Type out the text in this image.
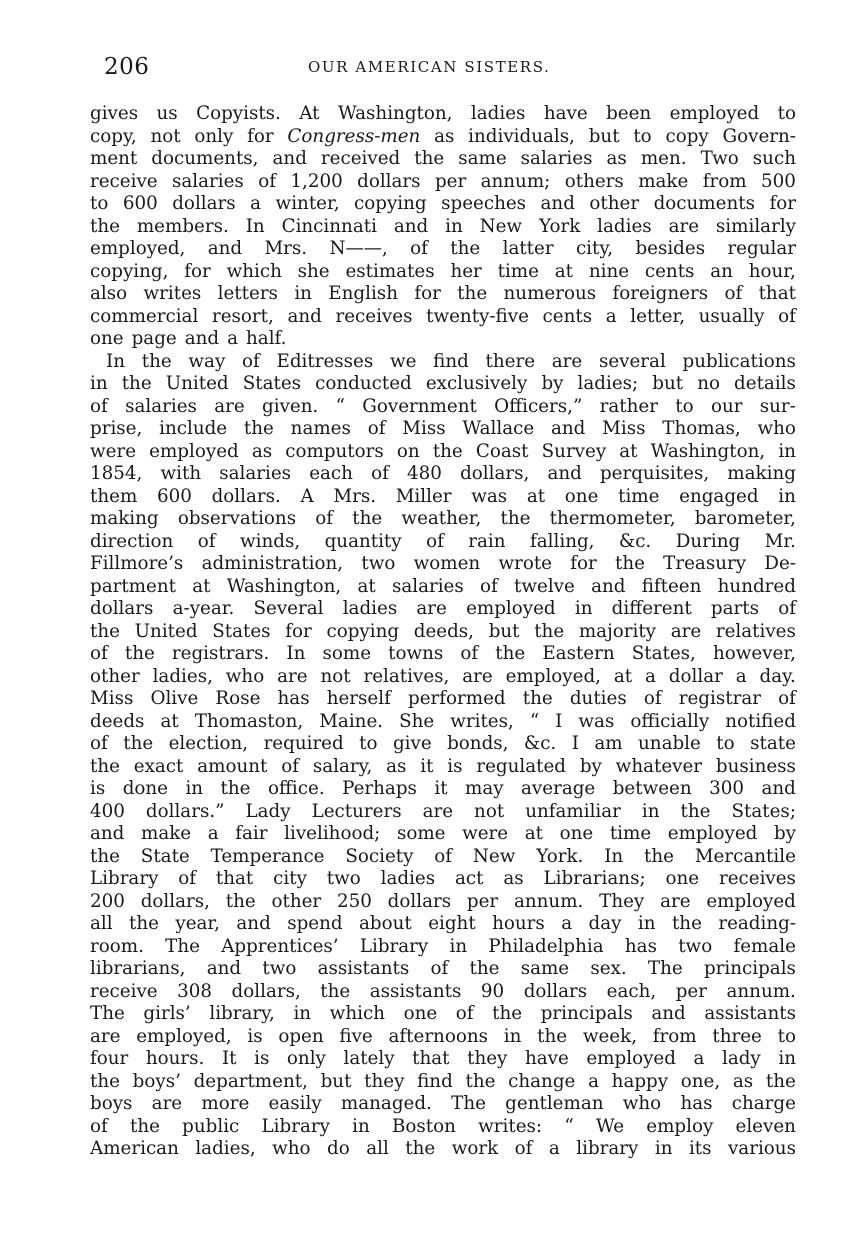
206	OUR AMERICAN SISTERS.
gives us Copyists. At Washington, ladies have been employed to
copy, not only for Congress-men as individuals, but to copy Govern-
ment documents, and received the same salaries as men. Two such
receive salaries of 1,200 dollars per annum; others make from 500
to 600 dollars a winter, copying speeches and other documents for
the members. In Cincinnati and in New York ladies are similarly
employed, and Mrs. N——, of the latter city, besides regular
copying, for which she estimates her time at nine cents an hour,
also writes letters in English for the numerous foreigners of that
commercial resort, and receives twenty-five cents a letter, usually of
one page and a half.
In the way of Editresses we find there are several publications
in the United States conducted exclusively by ladies; but no details
of salaries are given. “ Government Officers,” rather to our sur-
prise, include the names of Miss Wallace and Miss Thomas, who
were employed as computors on the Coast Survey at Washington, in
1854, with salaries each of 480 dollars, and perquisites, making
them 600 dollars. A Mrs. Miller was at one time engaged in
making observations of the weather, the thermometer, barometer,
direction of winds, quantity of rain falling, &c. During Mr.
Fillmore’s administration, two women wrote for the Treasury De-
partment at Washington, at salaries of twelve and fifteen hundred
dollars a-year. Several ladies are employed in different parts of
the United States for copying deeds, but the majority are relatives
of the registrars. In some towns of the Eastern States, however,
other ladies, who are not relatives, are employed, at a dollar a day.
Miss Olive Rose has herself performed the duties of registrar of
deeds at Thomaston, Maine. She writes, “ I was officially notified
of the election, required to give bonds, &c. I am unable to state
the exact amount of salary, as it is regulated by whatever business
is done in the office. Perhaps it may average between 300 and
400 dollars.” Lady Lecturers are not unfamiliar in the States;
and make a fair livelihood; some were at one time employed by
the State Temperance Society of New York. In the Mercantile
Library of that city two ladies act as Librarians; one receives
200 dollars, the other 250 dollars per annum. They are employed
all the year, and spend about eight hours a day in the reading-
room. The Apprentices’ Library in Philadelphia has two female
librarians, and two assistants of the same sex. The principals
receive 308 dollars, the assistants 90 dollars each, per annum.
The girls’ library, in which one of the principals and assistants
are employed, is open five afternoons in the week, from three to
four hours. It is only lately that they have employed a lady in
the boys’ department, but they find the change a happy one, as the
boys are more easily managed. The gentleman who has charge
of the public Library in Boston writes: “ We employ eleven
American ladies, who do all the work of a library in its various
